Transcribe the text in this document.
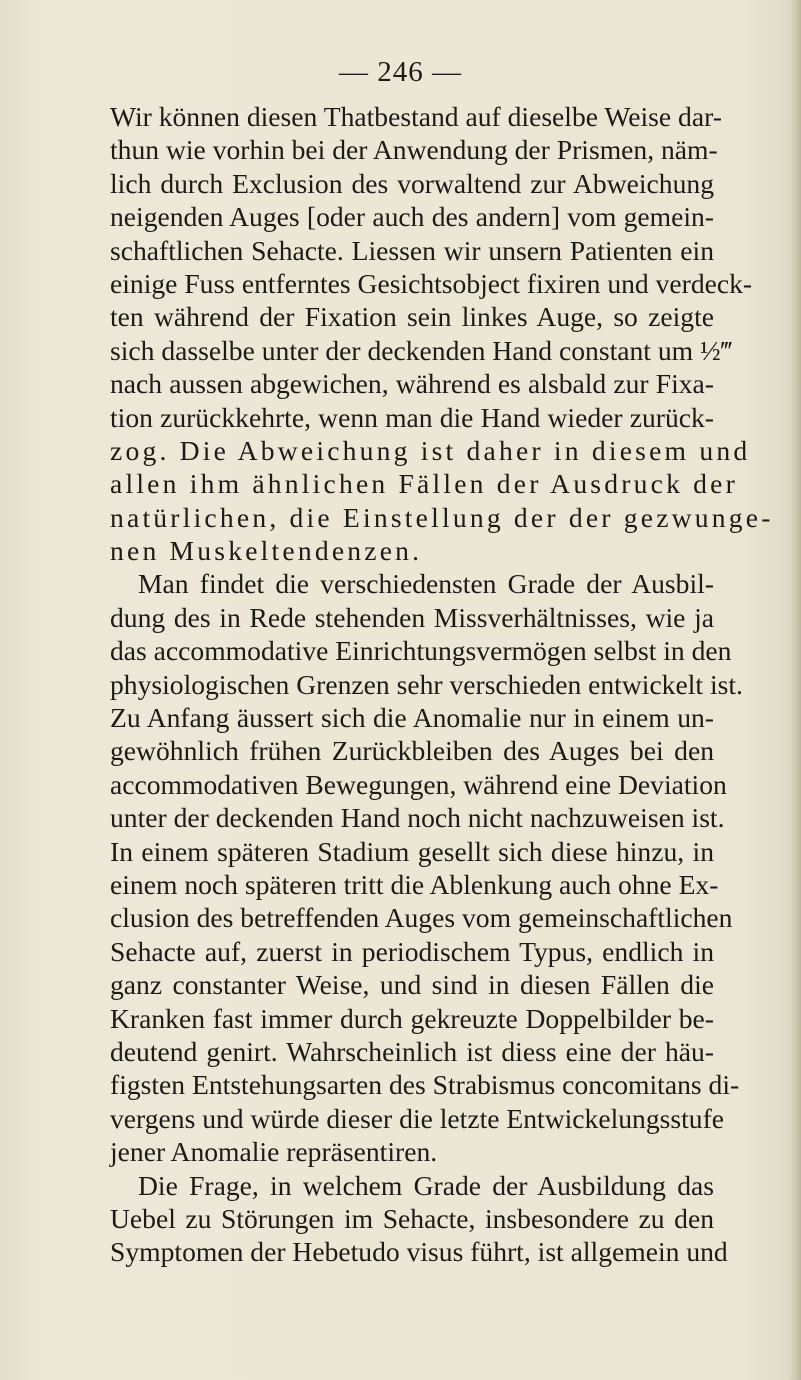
— 246 —
Wir können diesen Thatbestand auf dieselbe Weise dar-
thun wie vorhin bei der Anwendung der Prismen, näm-
lich durch Exclusion des vorwaltend zur Abweichung
neigenden Auges [oder auch des andern] vom gemein-
schaftlichen Sehacte. Liessen wir unsern Patienten ein
einige Fuss entferntes Gesichtsobject fixiren und verdeck-
ten während der Fixation sein linkes Auge, so zeigte
sich dasselbe unter der deckenden Hand constant um ½‴
nach aussen abgewichen, während es alsbald zur Fixa-
tion zurückkehrte, wenn man die Hand wieder zurück-
zog. Die Abweichung ist daher in diesem und
allen ihm ähnlichen Fällen der Ausdruck der
natürlichen, die Einstellung der der gezwunge-
nen Muskeltendenzen.
Man findet die verschiedensten Grade der Ausbil-
dung des in Rede stehenden Missverhältnisses, wie ja
das accommodative Einrichtungsvermögen selbst in den
physiologischen Grenzen sehr verschieden entwickelt ist.
Zu Anfang äussert sich die Anomalie nur in einem un-
gewöhnlich frühen Zurückbleiben des Auges bei den
accommodativen Bewegungen, während eine Deviation
unter der deckenden Hand noch nicht nachzuweisen ist.
In einem späteren Stadium gesellt sich diese hinzu, in
einem noch späteren tritt die Ablenkung auch ohne Ex-
clusion des betreffenden Auges vom gemeinschaftlichen
Sehacte auf, zuerst in periodischem Typus, endlich in
ganz constanter Weise, und sind in diesen Fällen die
Kranken fast immer durch gekreuzte Doppelbilder be-
deutend genirt. Wahrscheinlich ist diess eine der häu-
figsten Entstehungsarten des Strabismus concomitans di-
vergens und würde dieser die letzte Entwickelungsstufe
jener Anomalie repräsentiren.
Die Frage, in welchem Grade der Ausbildung das
Uebel zu Störungen im Sehacte, insbesondere zu den
Symptomen der Hebetudo visus führt, ist allgemein und
